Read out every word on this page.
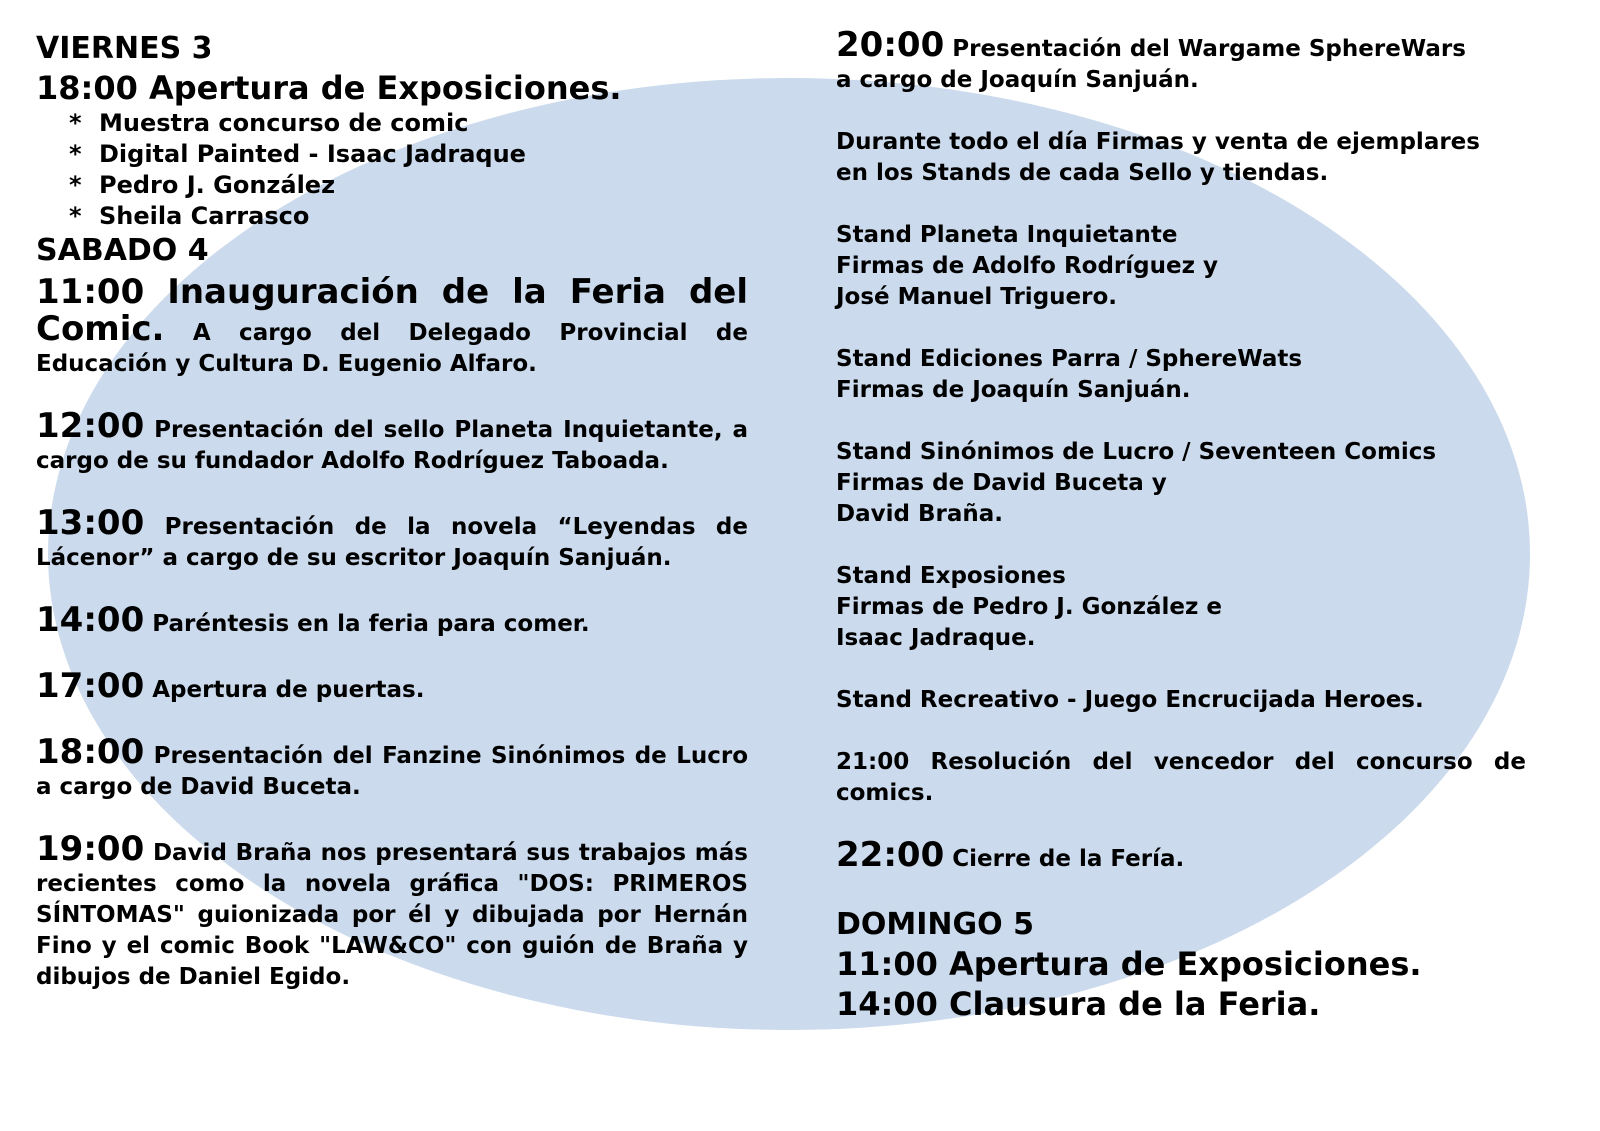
VIERNES 3

18:00 Apertura de Exposiciones.

* Muestra concurso de comic

* Digital Painted - Isaac Jadraque

* Pedro J. González

* Sheila Carrasco

SABADO 4

11:00 Inauguración de la Feria del

Comic. A cargo del Delegado Provincial de Educación y Cultura D. Eugenio Alfaro.

12:00 Presentación del sello Planeta Inquietante, a cargo de su fundador Adolfo Rodríguez Taboada.

13:00 Presentación de la novela “Leyendas de Lácenor” a cargo de su escritor Joaquín Sanjuán.

14:00 Paréntesis en la feria para comer.

17:00 Apertura de puertas.

18:00 Presentación del Fanzine Sinónimos de Lucro a cargo de David Buceta.

19:00 David Braña nos presentará sus trabajos más recientes como la novela gráfica "DOS: PRIMEROS SÍNTOMAS" guionizada por él y dibujada por Hernán Fino y el comic Book "LAW&CO" con guión de Braña y dibujos de Daniel Egido.

20:00 Presentación del Wargame SphereWars
a cargo de Joaquín Sanjuán.

Durante todo el día Firmas y venta de ejemplares
en los Stands de cada Sello y tiendas.

Stand Planeta Inquietante

Firmas de Adolfo Rodríguez y

José Manuel Triguero.

Stand Ediciones Parra / SphereWats

Firmas de Joaquín Sanjuán.

Stand Sinónimos de Lucro / Seventeen Comics

Firmas de David Buceta y

David Braña.

Stand Exposiones

Firmas de Pedro J. González e

Isaac Jadraque.

Stand Recreativo - Juego Encrucijada Heroes.

21:00 Resolución del vencedor del concurso de comics.

22:00 Cierre de la Fería.

DOMINGO 5

11:00 Apertura de Exposiciones.

14:00 Clausura de la Feria.
